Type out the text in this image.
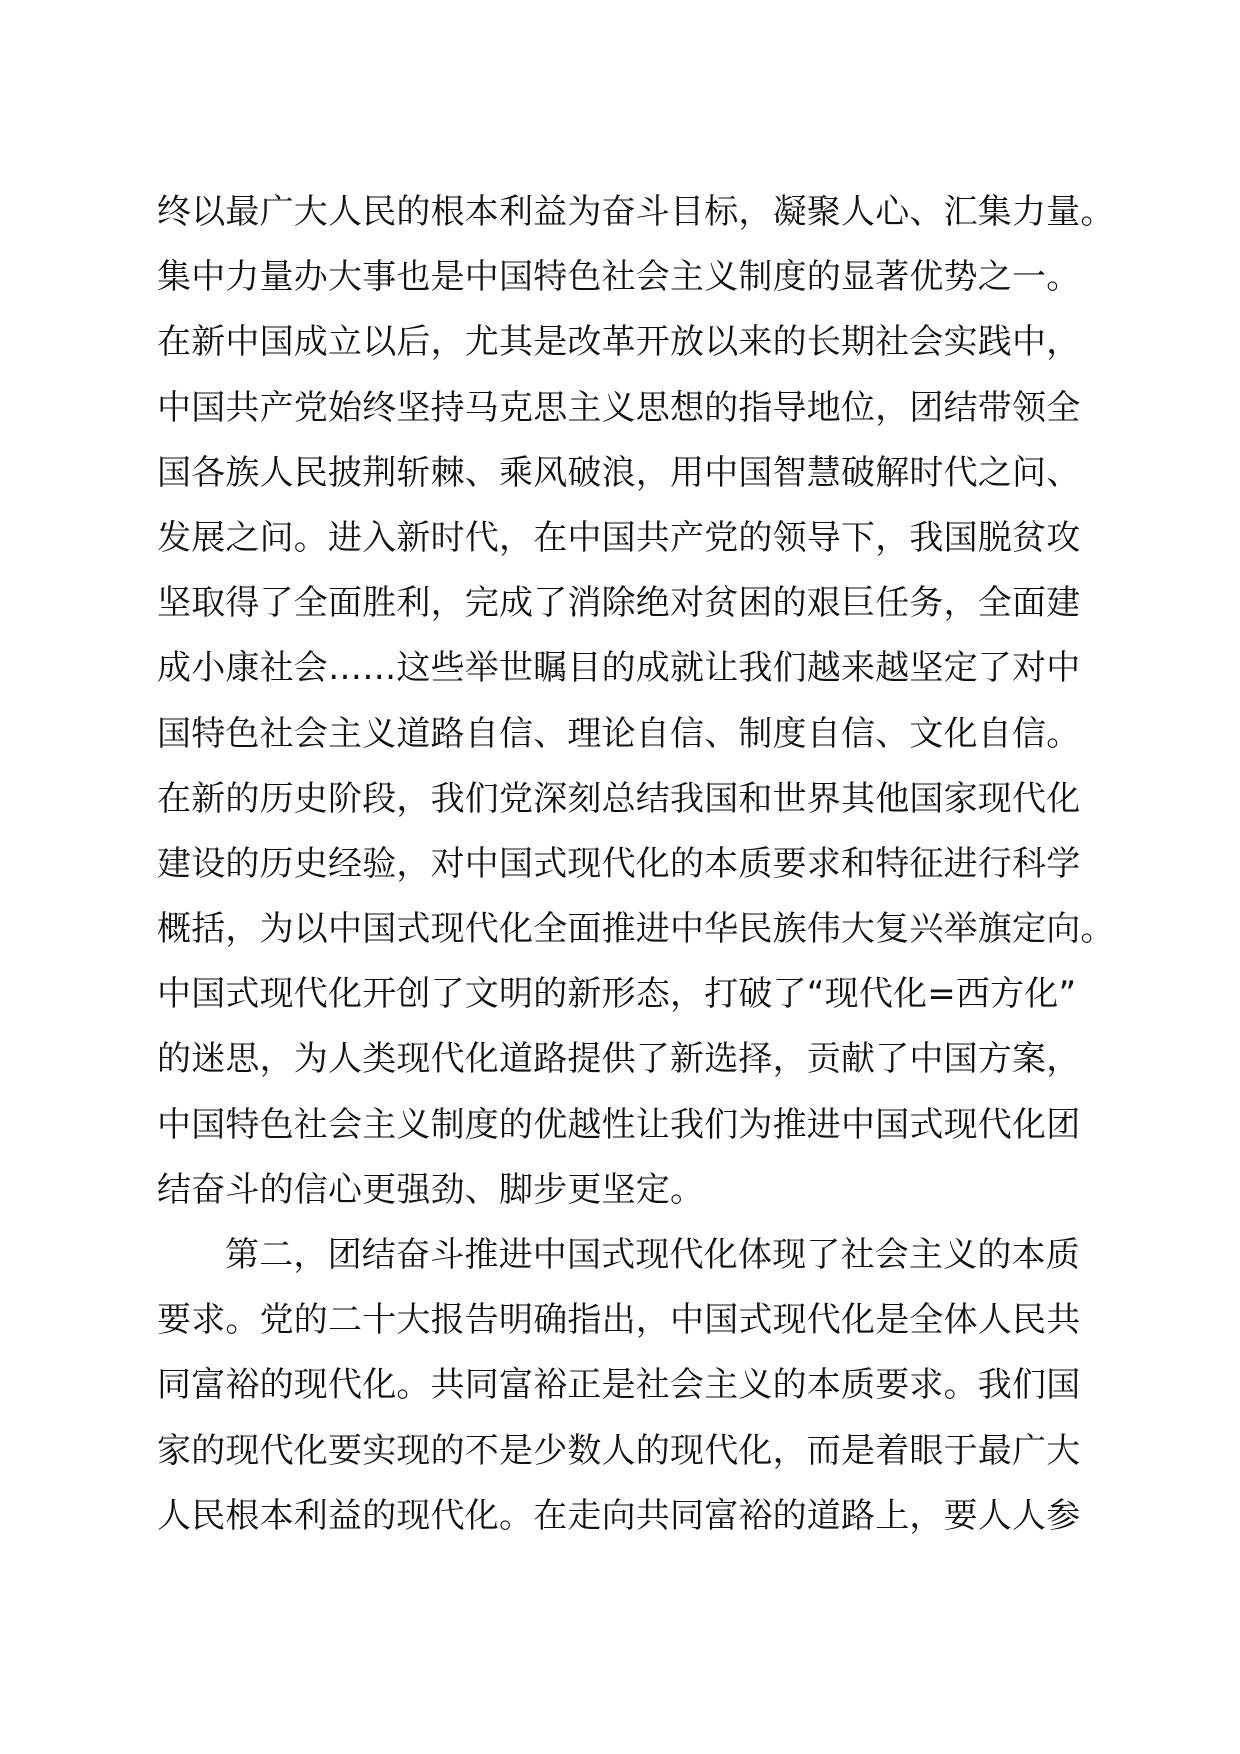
终以最广大人民的根本利益为奋斗目标，凝聚人心、汇集力量。
集中力量办大事也是中国特色社会主义制度的显著优势之一。
在新中国成立以后，尤其是改革开放以来的长期社会实践中，
中国共产党始终坚持马克思主义思想的指导地位，团结带领全
国各族人民披荆斩棘、乘风破浪，用中国智慧破解时代之问、
发展之问。进入新时代，在中国共产党的领导下，我国脱贫攻
坚取得了全面胜利，完成了消除绝对贫困的艰巨任务，全面建
成小康社会……这些举世瞩目的成就让我们越来越坚定了对中
国特色社会主义道路自信、理论自信、制度自信、文化自信。
在新的历史阶段，我们党深刻总结我国和世界其他国家现代化
建设的历史经验，对中国式现代化的本质要求和特征进行科学
概括，为以中国式现代化全面推进中华民族伟大复兴举旗定向。
中国式现代化开创了文明的新形态，打破了“现代化=西方化”
的迷思，为人类现代化道路提供了新选择，贡献了中国方案，
中国特色社会主义制度的优越性让我们为推进中国式现代化团
结奋斗的信心更强劲、脚步更坚定。
第二，团结奋斗推进中国式现代化体现了社会主义的本质
要求。党的二十大报告明确指出，中国式现代化是全体人民共
同富裕的现代化。共同富裕正是社会主义的本质要求。我们国
家的现代化要实现的不是少数人的现代化，而是着眼于最广大
人民根本利益的现代化。在走向共同富裕的道路上，要人人参
